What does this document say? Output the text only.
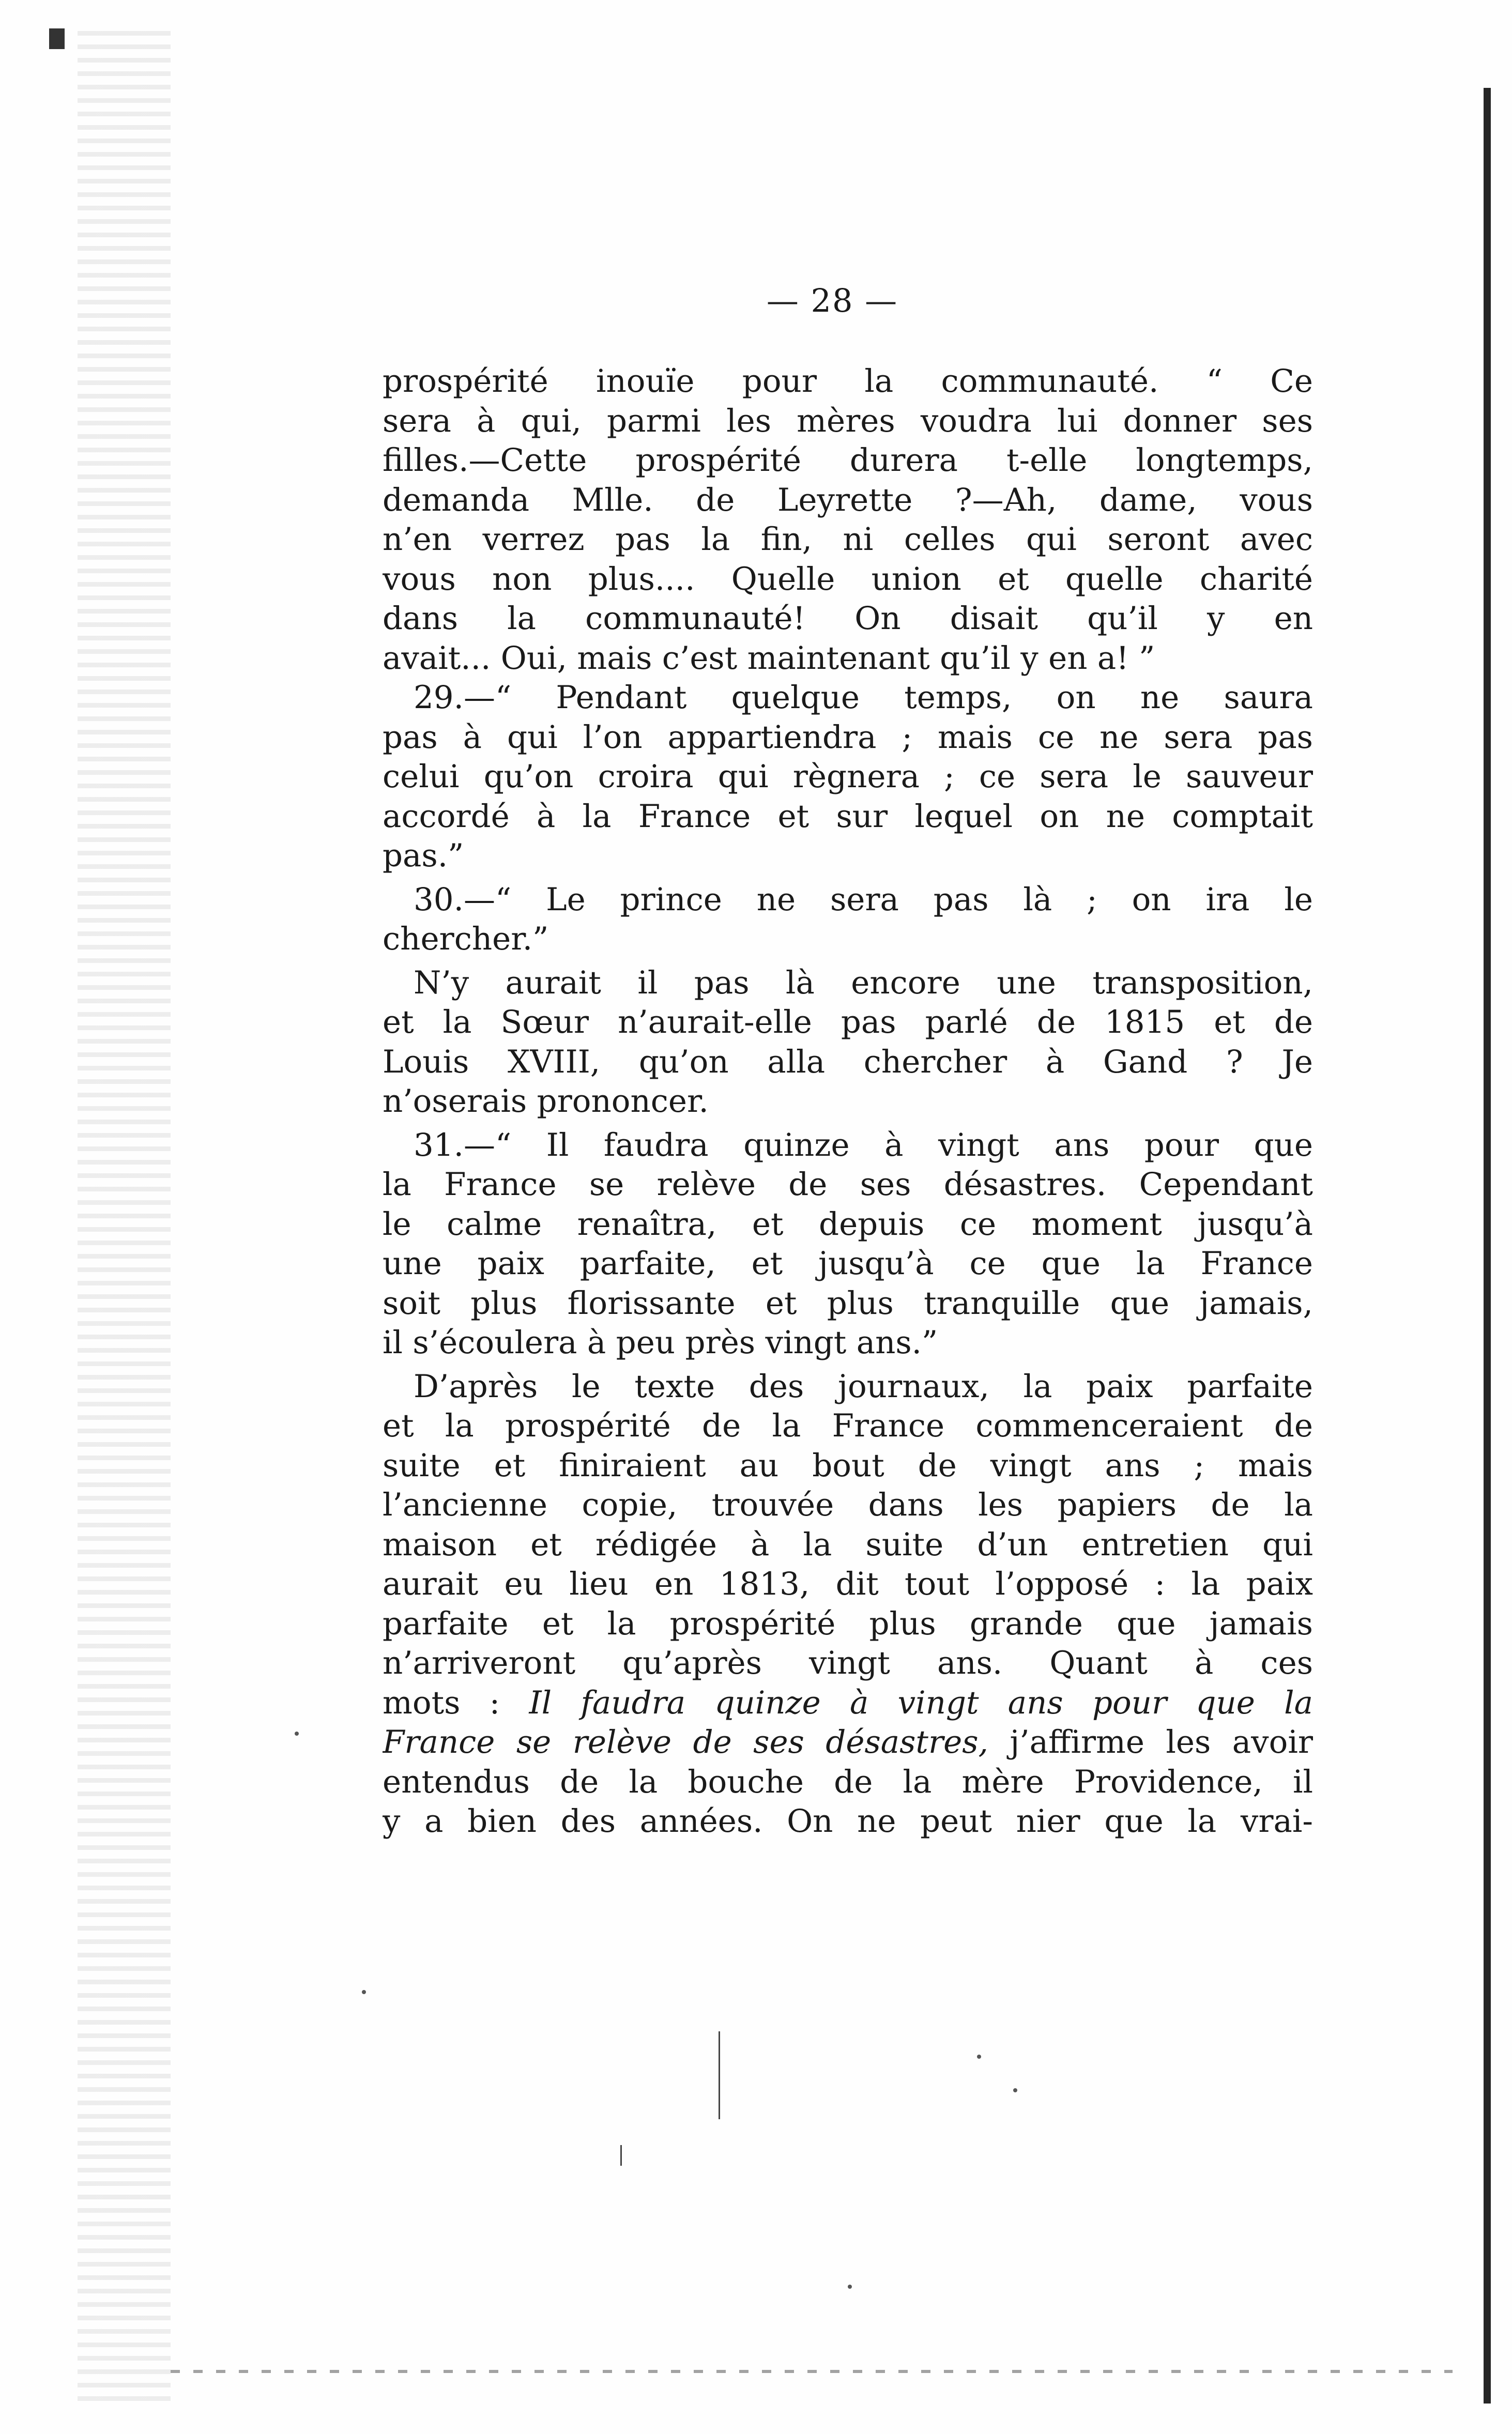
— 28 —
prospérité inouïe pour la communauté. “ Ce
sera à qui, parmi les mères voudra lui donner ses
filles.—Cette prospérité durera t-elle longtemps,
demanda Mlle. de Leyrette ?—Ah, dame, vous
n’en verrez pas la fin, ni celles qui seront avec
vous non plus.... Quelle union et quelle charité
dans la communauté! On disait qu’il y en
avait... Oui, mais c’est maintenant qu’il y en a! ”
29.—“ Pendant quelque temps, on ne saura
pas à qui l’on appartiendra ; mais ce ne sera pas
celui qu’on croira qui règnera ; ce sera le sauveur
accordé à la France et sur lequel on ne comptait
pas.”
30.—“ Le prince ne sera pas là ; on ira le
chercher.”
N’y aurait il pas là encore une transposition,
et la Sœur n’aurait-elle pas parlé de 1815 et de
Louis XVIII, qu’on alla chercher à Gand ? Je
n’oserais prononcer.
31.—“ Il faudra quinze à vingt ans pour que
la France se relève de ses désastres. Cependant
le calme renaîtra, et depuis ce moment jusqu’à
une paix parfaite, et jusqu’à ce que la France
soit plus florissante et plus tranquille que jamais,
il s’écoulera à peu près vingt ans.”
D’après le texte des journaux, la paix parfaite
et la prospérité de la France commenceraient de
suite et finiraient au bout de vingt ans ; mais
l’ancienne copie, trouvée dans les papiers de la
maison et rédigée à la suite d’un entretien qui
aurait eu lieu en 1813, dit tout l’opposé : la paix
parfaite et la prospérité plus grande que jamais
n’arriveront qu’après vingt ans. Quant à ces
mots : Il faudra quinze à vingt ans pour que la
France se relève de ses désastres, j’affirme les avoir
entendus de la bouche de la mère Providence, il
y a bien des années. On ne peut nier que la vrai-
